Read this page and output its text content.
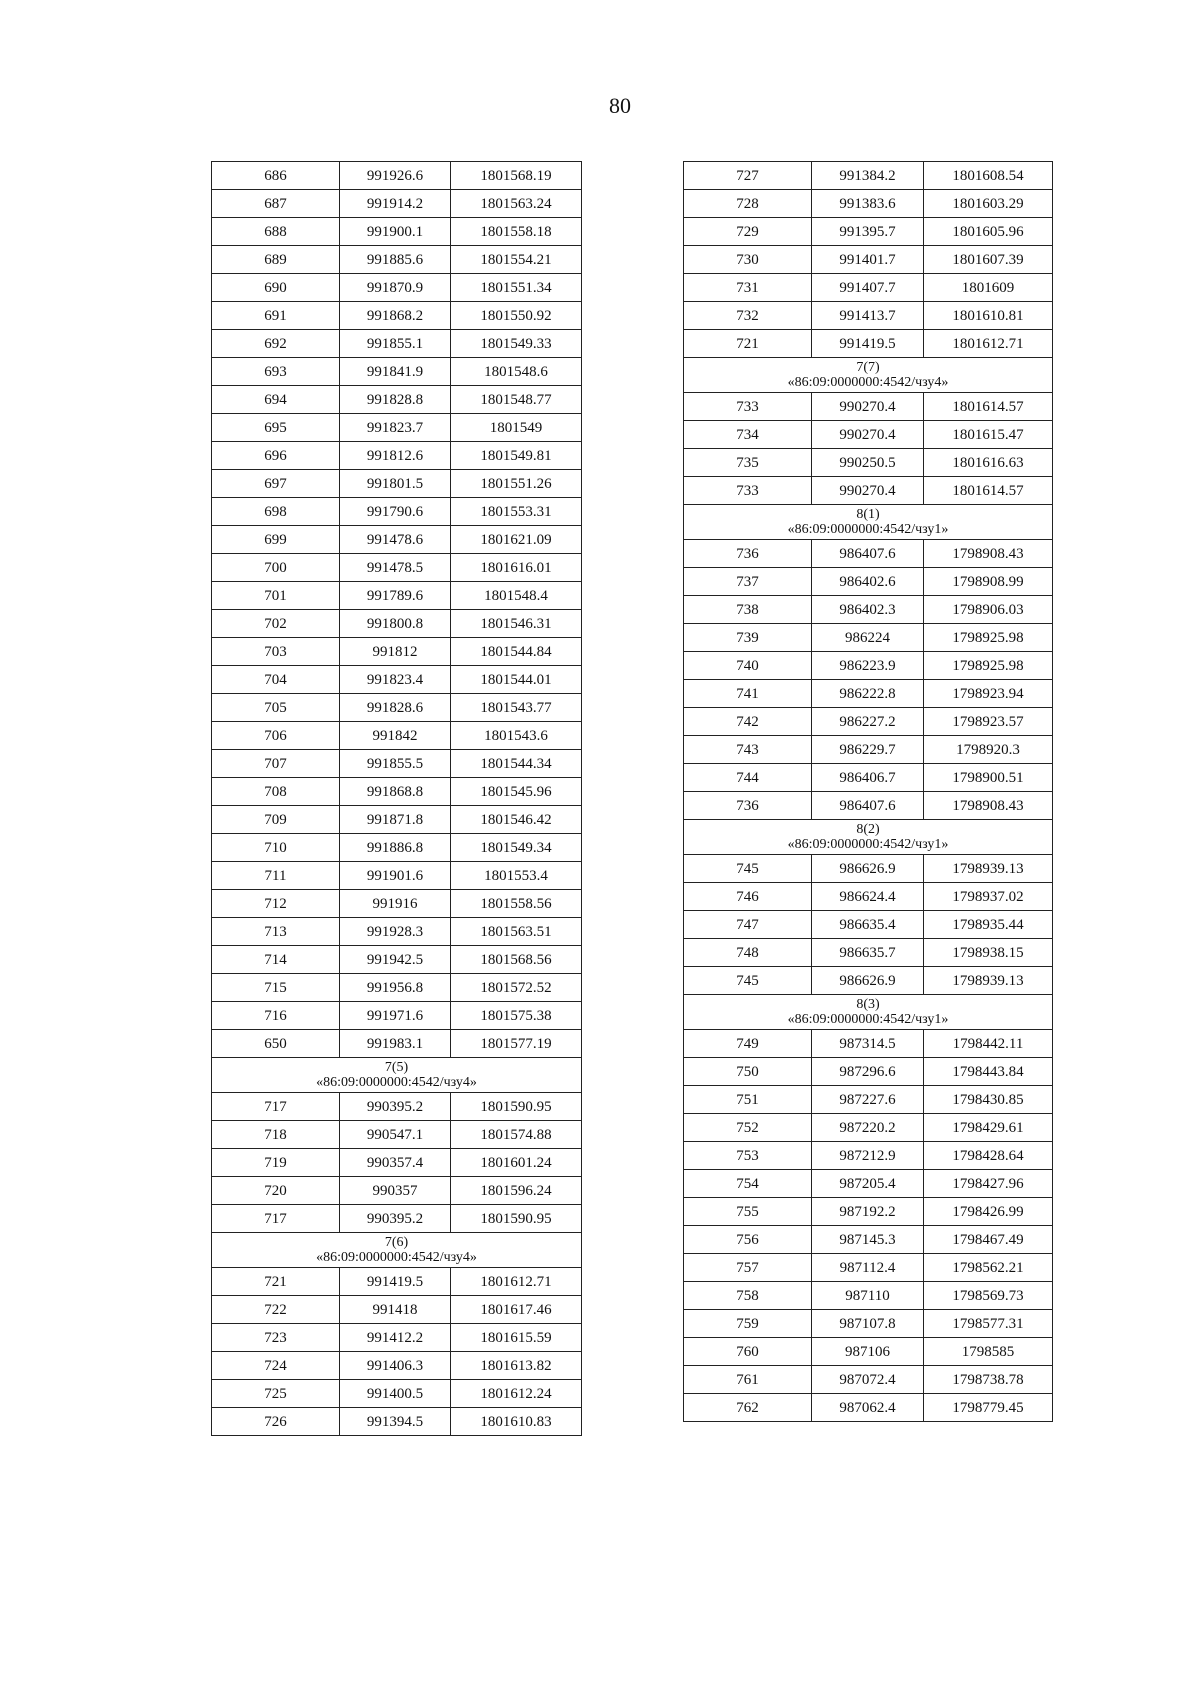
80
686	991926.6	1801568.19
687	991914.2	1801563.24
688	991900.1	1801558.18
689	991885.6	1801554.21
690	991870.9	1801551.34
691	991868.2	1801550.92
692	991855.1	1801549.33
693	991841.9	1801548.6
694	991828.8	1801548.77
695	991823.7	1801549
696	991812.6	1801549.81
697	991801.5	1801551.26
698	991790.6	1801553.31
699	991478.6	1801621.09
700	991478.5	1801616.01
701	991789.6	1801548.4
702	991800.8	1801546.31
703	991812	1801544.84
704	991823.4	1801544.01
705	991828.6	1801543.77
706	991842	1801543.6
707	991855.5	1801544.34
708	991868.8	1801545.96
709	991871.8	1801546.42
710	991886.8	1801549.34
711	991901.6	1801553.4
712	991916	1801558.56
713	991928.3	1801563.51
714	991942.5	1801568.56
715	991956.8	1801572.52
716	991971.6	1801575.38
650	991983.1	1801577.19

7(5)
«86:09:0000000:4542/чзу4»		

717	990395.2	1801590.95
718	990547.1	1801574.88
719	990357.4	1801601.24
720	990357	1801596.24
717	990395.2	1801590.95

7(6)
«86:09:0000000:4542/чзу4»		

721	991419.5	1801612.71
722	991418	1801617.46
723	991412.2	1801615.59
724	991406.3	1801613.82
725	991400.5	1801612.24
726	991394.5	1801610.83
727	991384.2	1801608.54
728	991383.6	1801603.29
729	991395.7	1801605.96
730	991401.7	1801607.39
731	991407.7	1801609
732	991413.7	1801610.81
721	991419.5	1801612.71

7(7)
«86:09:0000000:4542/чзу4»		

733	990270.4	1801614.57
734	990270.4	1801615.47
735	990250.5	1801616.63
733	990270.4	1801614.57

8(1)
«86:09:0000000:4542/чзу1»		

736	986407.6	1798908.43
737	986402.6	1798908.99
738	986402.3	1798906.03
739	986224	1798925.98
740	986223.9	1798925.98
741	986222.8	1798923.94
742	986227.2	1798923.57
743	986229.7	1798920.3
744	986406.7	1798900.51
736	986407.6	1798908.43

8(2)
«86:09:0000000:4542/чзу1»		

745	986626.9	1798939.13
746	986624.4	1798937.02
747	986635.4	1798935.44
748	986635.7	1798938.15
745	986626.9	1798939.13

8(3)
«86:09:0000000:4542/чзу1»		

749	987314.5	1798442.11
750	987296.6	1798443.84
751	987227.6	1798430.85
752	987220.2	1798429.61
753	987212.9	1798428.64
754	987205.4	1798427.96
755	987192.2	1798426.99
756	987145.3	1798467.49
757	987112.4	1798562.21
758	987110	1798569.73
759	987107.8	1798577.31
760	987106	1798585
761	987072.4	1798738.78
762	987062.4	1798779.45
